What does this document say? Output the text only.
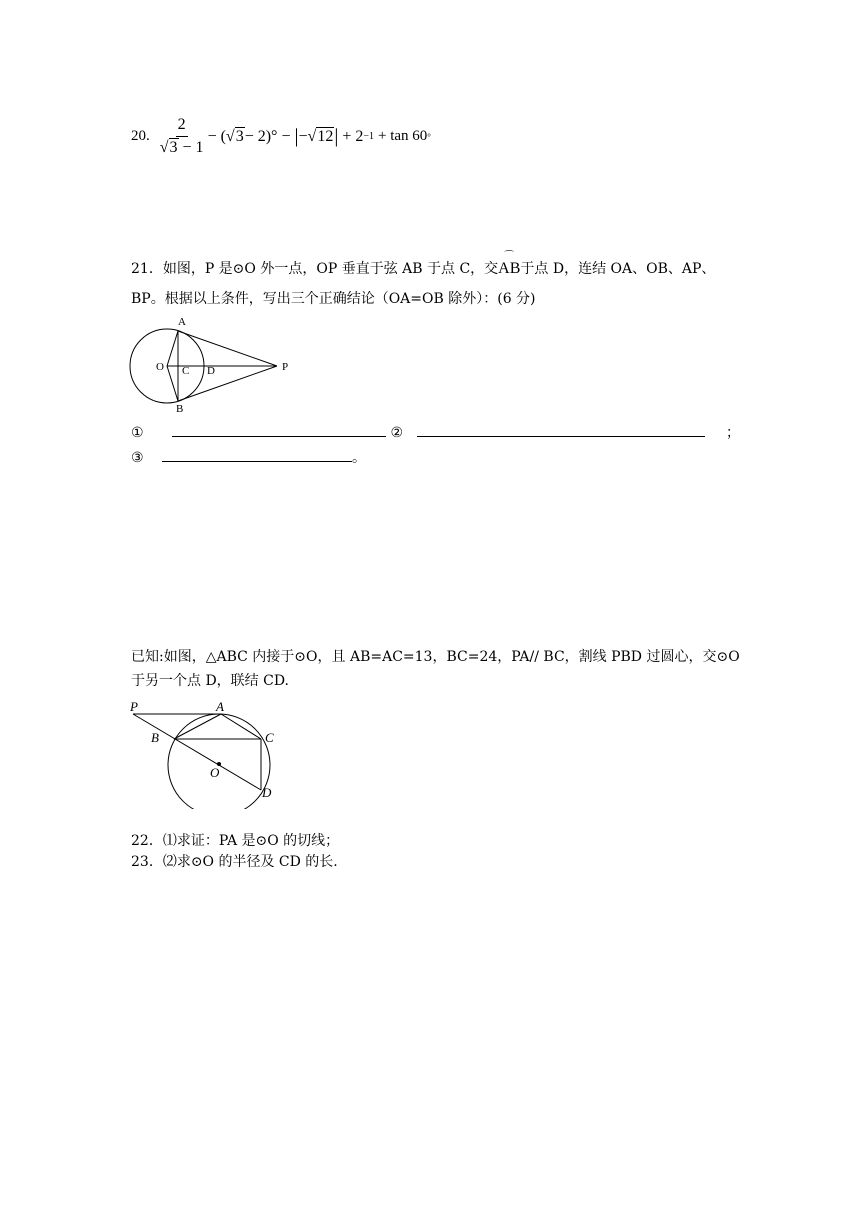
20. $\frac{2}{√3 - 1}$ − ( √3 − 2)° − | − √12 | + 2 −1 + tan 60 °
21．如图，P 是⊙O 外一点，OP 垂直于弦 AB 于点 C，交
⌒
AB于点 D，连结 OA、OB、AP、
BP。根据以上条件，写出三个正确结论（OA=OB 除外）：(6 分)
A
O C D	P
B
①	②	；
③	。
已知:如图，△ABC 内接于⊙O，且 AB=AC=13，BC=24，PA// BC，割线 PBD 过圆心，交⊙O
于另一个点 D，联结 CD.
P	A
B	C
O
D
22．⑴求证：PA 是⊙O 的切线；
23．⑵求⊙O 的半径及 CD 的长.
